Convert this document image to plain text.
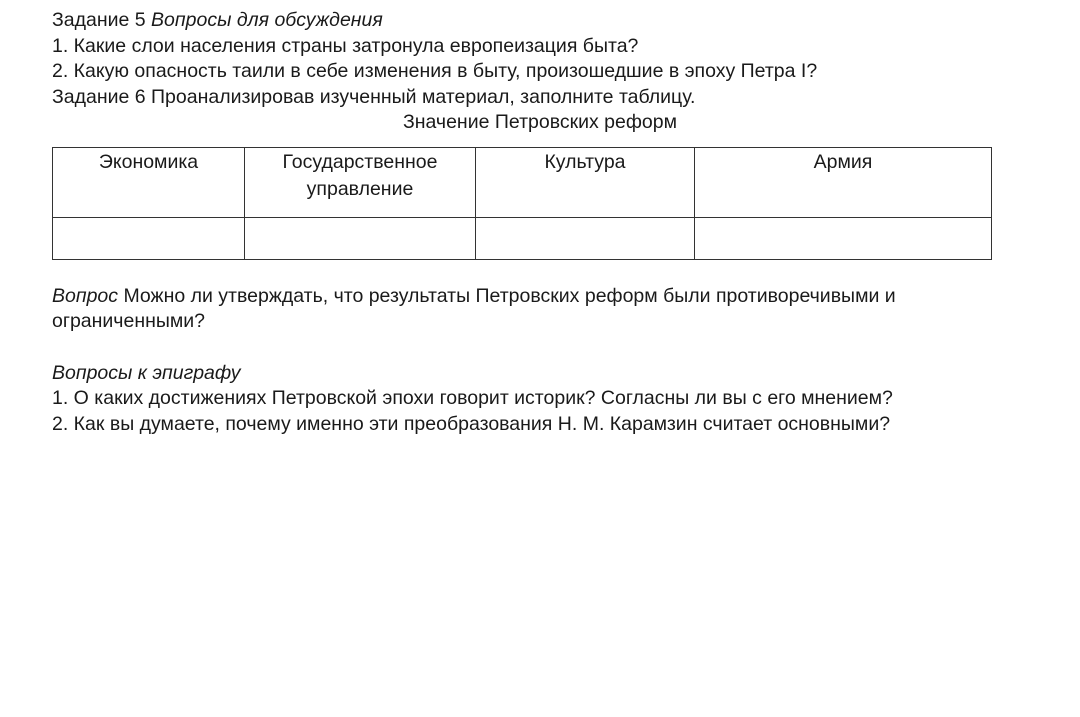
Задание 5 Вопросы для обсуждения
1. Какие слои населения страны затронула европеизация быта?
2. Какую опасность таили в себе изменения в быту, произошедшие в эпоху Петра I?
Задание 6 Проанализировав изученный материал, заполните таблицу.
Значение Петровских реформ
Экономика	Государственное управление	Культура	Армия

Вопрос Можно ли утверждать, что результаты Петровских реформ были противоречивыми и ограниченными?

Вопросы к эпиграфу
1. О каких достижениях Петровской эпохи говорит историк? Согласны ли вы с его мнением?
2. Как вы думаете, почему именно эти преобразования Н. М. Карамзин считает основными?
